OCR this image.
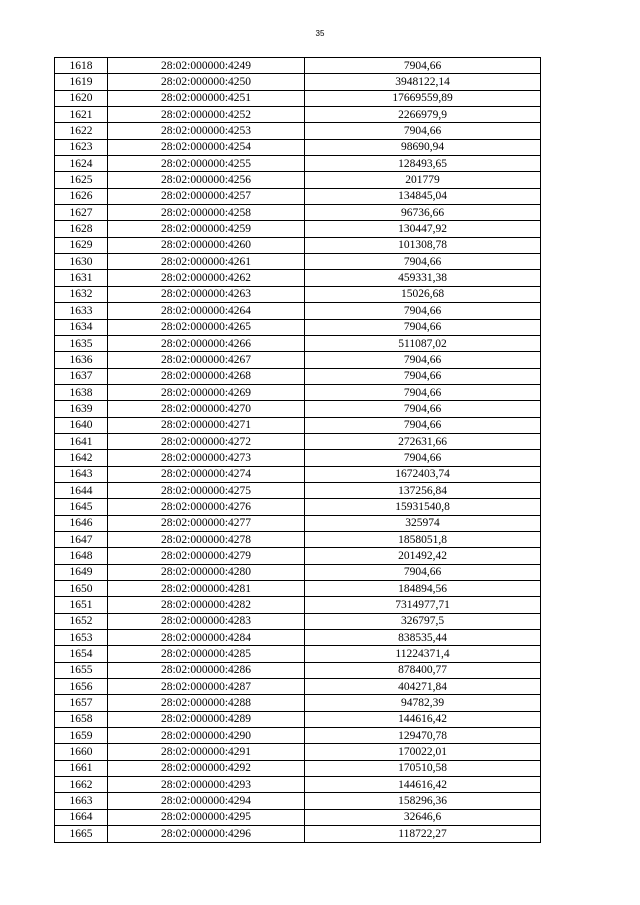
35
1618	28:02:000000:4249	7904,66
1619	28:02:000000:4250	3948122,14
1620	28:02:000000:4251	17669559,89
1621	28:02:000000:4252	2266979,9
1622	28:02:000000:4253	7904,66
1623	28:02:000000:4254	98690,94
1624	28:02:000000:4255	128493,65
1625	28:02:000000:4256	201779
1626	28:02:000000:4257	134845,04
1627	28:02:000000:4258	96736,66
1628	28:02:000000:4259	130447,92
1629	28:02:000000:4260	101308,78
1630	28:02:000000:4261	7904,66
1631	28:02:000000:4262	459331,38
1632	28:02:000000:4263	15026,68
1633	28:02:000000:4264	7904,66
1634	28:02:000000:4265	7904,66
1635	28:02:000000:4266	511087,02
1636	28:02:000000:4267	7904,66
1637	28:02:000000:4268	7904,66
1638	28:02:000000:4269	7904,66
1639	28:02:000000:4270	7904,66
1640	28:02:000000:4271	7904,66
1641	28:02:000000:4272	272631,66
1642	28:02:000000:4273	7904,66
1643	28:02:000000:4274	1672403,74
1644	28:02:000000:4275	137256,84
1645	28:02:000000:4276	15931540,8
1646	28:02:000000:4277	325974
1647	28:02:000000:4278	1858051,8
1648	28:02:000000:4279	201492,42
1649	28:02:000000:4280	7904,66
1650	28:02:000000:4281	184894,56
1651	28:02:000000:4282	7314977,71
1652	28:02:000000:4283	326797,5
1653	28:02:000000:4284	838535,44
1654	28:02:000000:4285	11224371,4
1655	28:02:000000:4286	878400,77
1656	28:02:000000:4287	404271,84
1657	28:02:000000:4288	94782,39
1658	28:02:000000:4289	144616,42
1659	28:02:000000:4290	129470,78
1660	28:02:000000:4291	170022,01
1661	28:02:000000:4292	170510,58
1662	28:02:000000:4293	144616,42
1663	28:02:000000:4294	158296,36
1664	28:02:000000:4295	32646,6
1665	28:02:000000:4296	118722,27
